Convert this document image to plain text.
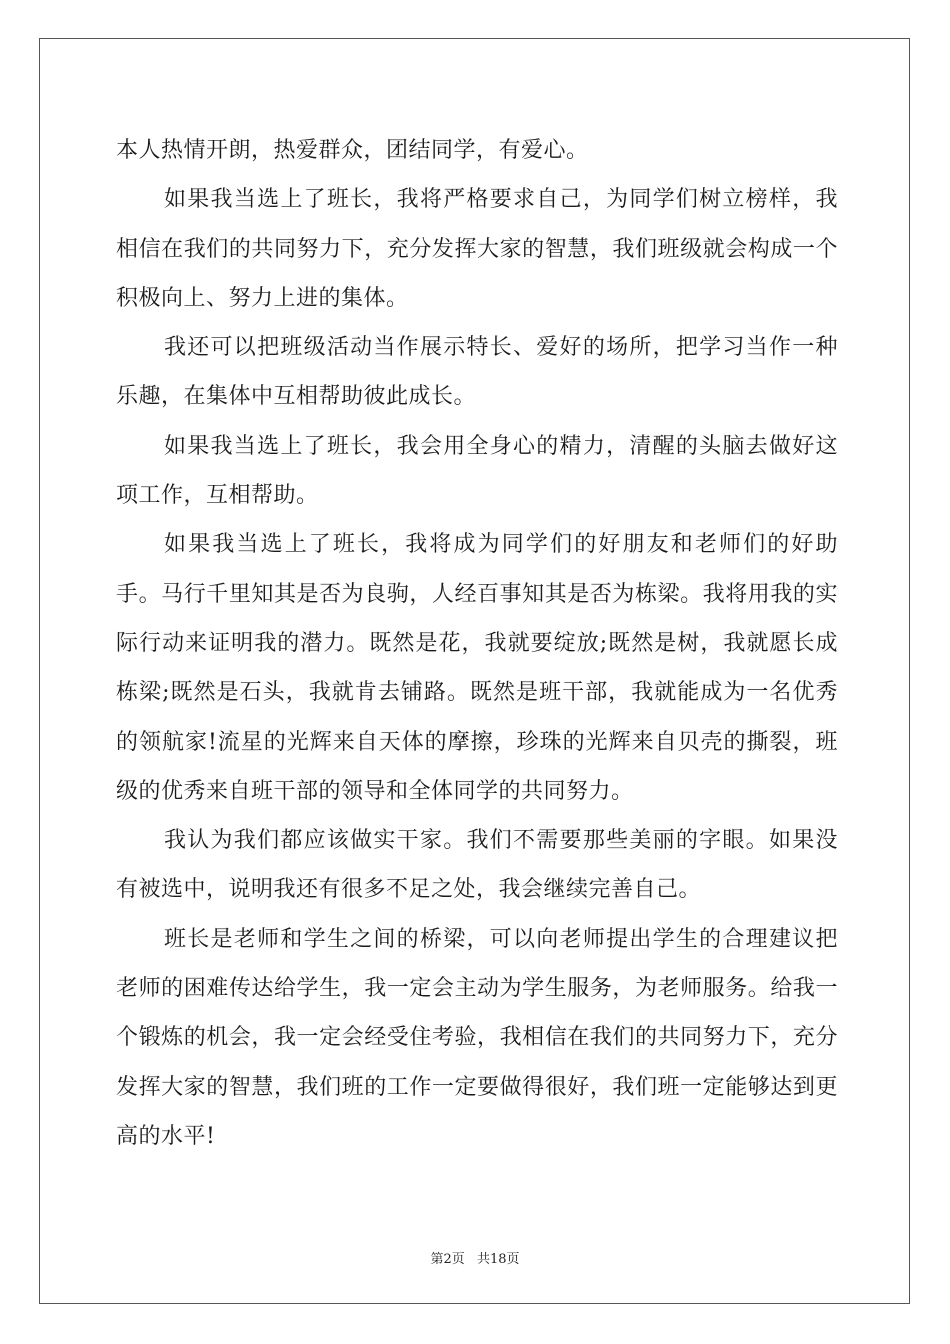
本人热情开朗，热爱群众，团结同学，有爱心。

如果我当选上了班长，我将严格要求自己，为同学们树立榜样，我相信在我们的共同努力下，充分发挥大家的智慧，我们班级就会构成一个积极向上、努力上进的集体。

我还可以把班级活动当作展示特长、爱好的场所，把学习当作一种乐趣，在集体中互相帮助彼此成长。

如果我当选上了班长，我会用全身心的精力，清醒的头脑去做好这项工作，互相帮助。

如果我当选上了班长，我将成为同学们的好朋友和老师们的好助手。马行千里知其是否为良驹，人经百事知其是否为栋梁。我将用我的实际行动来证明我的潜力。既然是花，我就要绽放;既然是树，我就愿长成栋梁;既然是石头，我就肯去铺路。既然是班干部，我就能成为一名优秀的领航家!流星的光辉来自天体的摩擦，珍珠的光辉来自贝壳的撕裂，班级的优秀来自班干部的领导和全体同学的共同努力。

我认为我们都应该做实干家。我们不需要那些美丽的字眼。如果没有被选中，说明我还有很多不足之处，我会继续完善自己。

班长是老师和学生之间的桥梁，可以向老师提出学生的合理建议把老师的困难传达给学生，我一定会主动为学生服务，为老师服务。给我一个锻炼的机会，我一定会经受住考验，我相信在我们的共同努力下，充分发挥大家的智慧，我们班的工作一定要做得很好，我们班一定能够达到更高的水平!

第2页 共18页
